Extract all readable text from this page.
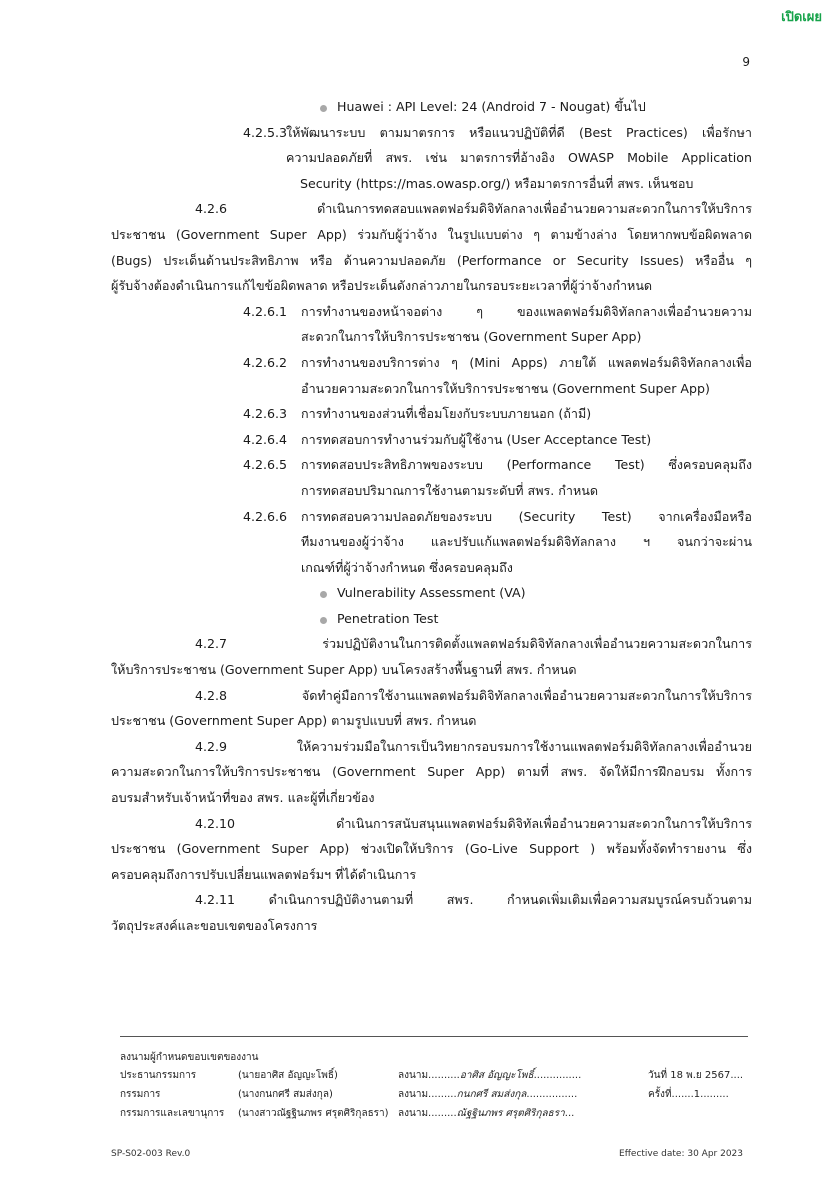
เปิดเผย
9
Huawei : API Level: 24 (Android 7 - Nougat) ขึ้นไป
4.2.5.3
ให้พัฒนาระบบ ตามมาตรการ หรือแนวปฏิบัติที่ดี (Best Practices) เพื่อรักษา
ความปลอดภัยที่ สพร. เช่น มาตรการที่อ้างอิง OWASP Mobile Application
Security (https://mas.owasp.org/) หรือมาตรการอื่นที่ สพร. เห็นชอบ
4.2.6 ดำเนินการทดสอบแพลตฟอร์มดิจิทัลกลางเพื่ออำนวยความสะดวกในการให้บริการ
ประชาชน (Government Super App) ร่วมกับผู้ว่าจ้าง ในรูปแบบต่าง ๆ ตามข้างล่าง โดยหากพบข้อผิดพลาด
(Bugs) ประเด็นด้านประสิทธิภาพ หรือ ด้านความปลอดภัย (Performance or Security Issues) หรืออื่น ๆ
ผู้รับจ้างต้องดำเนินการแก้ไขข้อผิดพลาด หรือประเด็นดังกล่าวภายในกรอบระยะเวลาที่ผู้ว่าจ้างกำหนด
4.2.6.1 การทำงานของหน้าจอต่าง ๆ ของแพลตฟอร์มดิจิทัลกลางเพื่ออำนวยความ
สะดวกในการให้บริการประชาชน (Government Super App)
4.2.6.2 การทำงานของบริการต่าง ๆ (Mini Apps) ภายใต้ แพลตฟอร์มดิจิทัลกลางเพื่อ
อำนวยความสะดวกในการให้บริการประชาชน (Government Super App)
4.2.6.3 การทำงานของส่วนที่เชื่อมโยงกับระบบภายนอก (ถ้ามี)
4.2.6.4 การทดสอบการทำงานร่วมกับผู้ใช้งาน (User Acceptance Test)
4.2.6.5 การทดสอบประสิทธิภาพของระบบ (Performance Test) ซึ่งครอบคลุมถึง
การทดสอบปริมาณการใช้งานตามระดับที่ สพร. กำหนด
4.2.6.6 การทดสอบความปลอดภัยของระบบ (Security Test) จากเครื่องมือหรือ
ทีมงานของผู้ว่าจ้าง และปรับแก้แพลตฟอร์มดิจิทัลกลาง ฯ จนกว่าจะผ่าน
เกณฑ์ที่ผู้ว่าจ้างกำหนด ซึ่งครอบคลุมถึง
Vulnerability Assessment (VA)
Penetration Test
4.2.7 ร่วมปฏิบัติงานในการติดตั้งแพลตฟอร์มดิจิทัลกลางเพื่ออำนวยความสะดวกในการ
ให้บริการประชาชน (Government Super App) บนโครงสร้างพื้นฐานที่ สพร. กำหนด
4.2.8 จัดทำคู่มือการใช้งานแพลตฟอร์มดิจิทัลกลางเพื่ออำนวยความสะดวกในการให้บริการ
ประชาชน (Government Super App) ตามรูปแบบที่ สพร. กำหนด
4.2.9 ให้ความร่วมมือในการเป็นวิทยากรอบรมการใช้งานแพลตฟอร์มดิจิทัลกลางเพื่ออำนวย
ความสะดวกในการให้บริการประชาชน (Government Super App) ตามที่ สพร. จัดให้มีการฝึกอบรม ทั้งการ
อบรมสำหรับเจ้าหน้าที่ของ สพร. และผู้ที่เกี่ยวข้อง
4.2.10 ดำเนินการสนับสนุนแพลตฟอร์มดิจิทัลเพื่ออำนวยความสะดวกในการให้บริการ
ประชาชน (Government Super App) ช่วงเปิดให้บริการ (Go-Live Support ) พร้อมทั้งจัดทำรายงาน ซึ่ง
ครอบคลุมถึงการปรับเปลี่ยนแพลตฟอร์มฯ ที่ได้ดำเนินการ
4.2.11 ดำเนินการปฏิบัติงานตามที่ สพร. กำหนดเพิ่มเติมเพื่อความสมบูรณ์ครบถ้วนตาม
วัตถุประสงค์และขอบเขตของโครงการ
ลงนามผู้กำหนดขอบเขตของงาน
ประธานกรรมการ	(นายอาศิส อัญญะโพธิ์)	ลงนาม..........อาศิส อัญญะโพธิ์...............	วันที่ 18 พ.ย 2567....
กรรมการ	(นางกนกศรี สมส่งกุล)	ลงนาม.........กนกศรี สมส่งกุล................	ครั้งที่.......1.........
กรรมการและเลขานุการ (นางสาวณัฐฐินภพร ศรุตศิริกุลธรา) ลงนาม.........ณัฐฐินภพร ศรุตศิริกุลธรา...
SP-S02-003 Rev.0	Effective date: 30 Apr 2023
